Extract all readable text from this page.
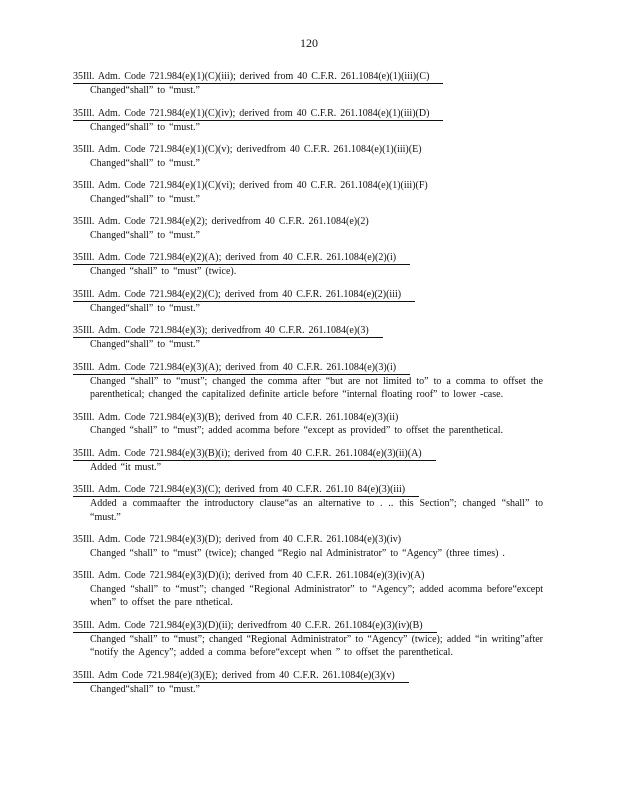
120
35Ill. Adm. Code 721.984(e)(1)(C)(iii); derived from 40 C.F.R. 261.1084(e)(1)(iii)(C)
Changed“shall” to “must.”
35Ill. Adm. Code 721.984(e)(1)(C)(iv); derived from 40 C.F.R. 261.1084(e)(1)(iii)(D)
Changed“shall” to “must.”
35Ill. Adm. Code 721.984(e)(1)(C)(v); derivedfrom 40 C.F.R. 261.1084(e)(1)(iii)(E)
Changed“shall” to “must.”
35Ill. Adm. Code 721.984(e)(1)(C)(vi); derived from 40 C.F.R. 261.1084(e)(1)(iii)(F)
Changed“shall” to “must.”
35Ill. Adm. Code 721.984(e)(2); derivedfrom 40 C.F.R. 261.1084(e)(2)
Changed“shall” to “must.”
35Ill. Adm. Code 721.984(e)(2)(A); derived from 40 C.F.R. 261.1084(e)(2)(i)
Changed “shall” to “must” (twice).
35Ill. Adm. Code 721.984(e)(2)(C); derived from 40 C.F.R. 261.1084(e)(2)(iii)
Changed“shall” to “must.”
35Ill. Adm. Code 721.984(e)(3); derivedfrom 40 C.F.R. 261.1084(e)(3)
Changed“shall” to “must.”
35Ill. Adm. Code 721.984(e)(3)(A); derived from 40 C.F.R. 261.1084(e)(3)(i)
Changed “shall” to “must”; changed the comma after “but are not limited to” to a comma to offset the parenthetical; changed the capitalized definite article before “internal floating roof” to lower -case.
35Ill. Adm. Code 721.984(e)(3)(B); derived from 40 C.F.R. 261.1084(e)(3)(ii)
Changed “shall” to “must”; added acomma before “except as provided” to offset the parenthetical.
35Ill. Adm. Code 721.984(e)(3)(B)(i); derived from 40 C.F.R. 261.1084(e)(3)(ii)(A)
Added “it must.”
35Ill. Adm. Code 721.984(e)(3)(C); derived from 40 C.F.R. 261.10 84(e)(3)(iii)
Added a commaafter the introductory clause“as an alternative to . .. this Section”; changed “shall” to “must.”
35Ill. Adm. Code 721.984(e)(3)(D); derived from 40 C.F.R. 261.1084(e)(3)(iv)
Changed “shall” to “must” (twice); changed “Regio nal Administrator” to “Agency” (three times) .
35Ill. Adm. Code 721.984(e)(3)(D)(i); derived from 40 C.F.R. 261.1084(e)(3)(iv)(A)
Changed “shall” to “must”; changed “Regional Administrator” to “Agency”; added acomma before“except when” to offset the pare nthetical.
35Ill. Adm. Code 721.984(e)(3)(D)(ii); derivedfrom 40 C.F.R. 261.1084(e)(3)(iv)(B)
Changed “shall” to “must”; changed “Regional Administrator” to “Agency” (twice); added “in writing”after “notify the Agency”; added a comma before“except when ” to offset the parenthetical.
35Ill. Adm Code 721.984(e)(3)(E); derived from 40 C.F.R. 261.1084(e)(3)(v)
Changed“shall” to “must.”
